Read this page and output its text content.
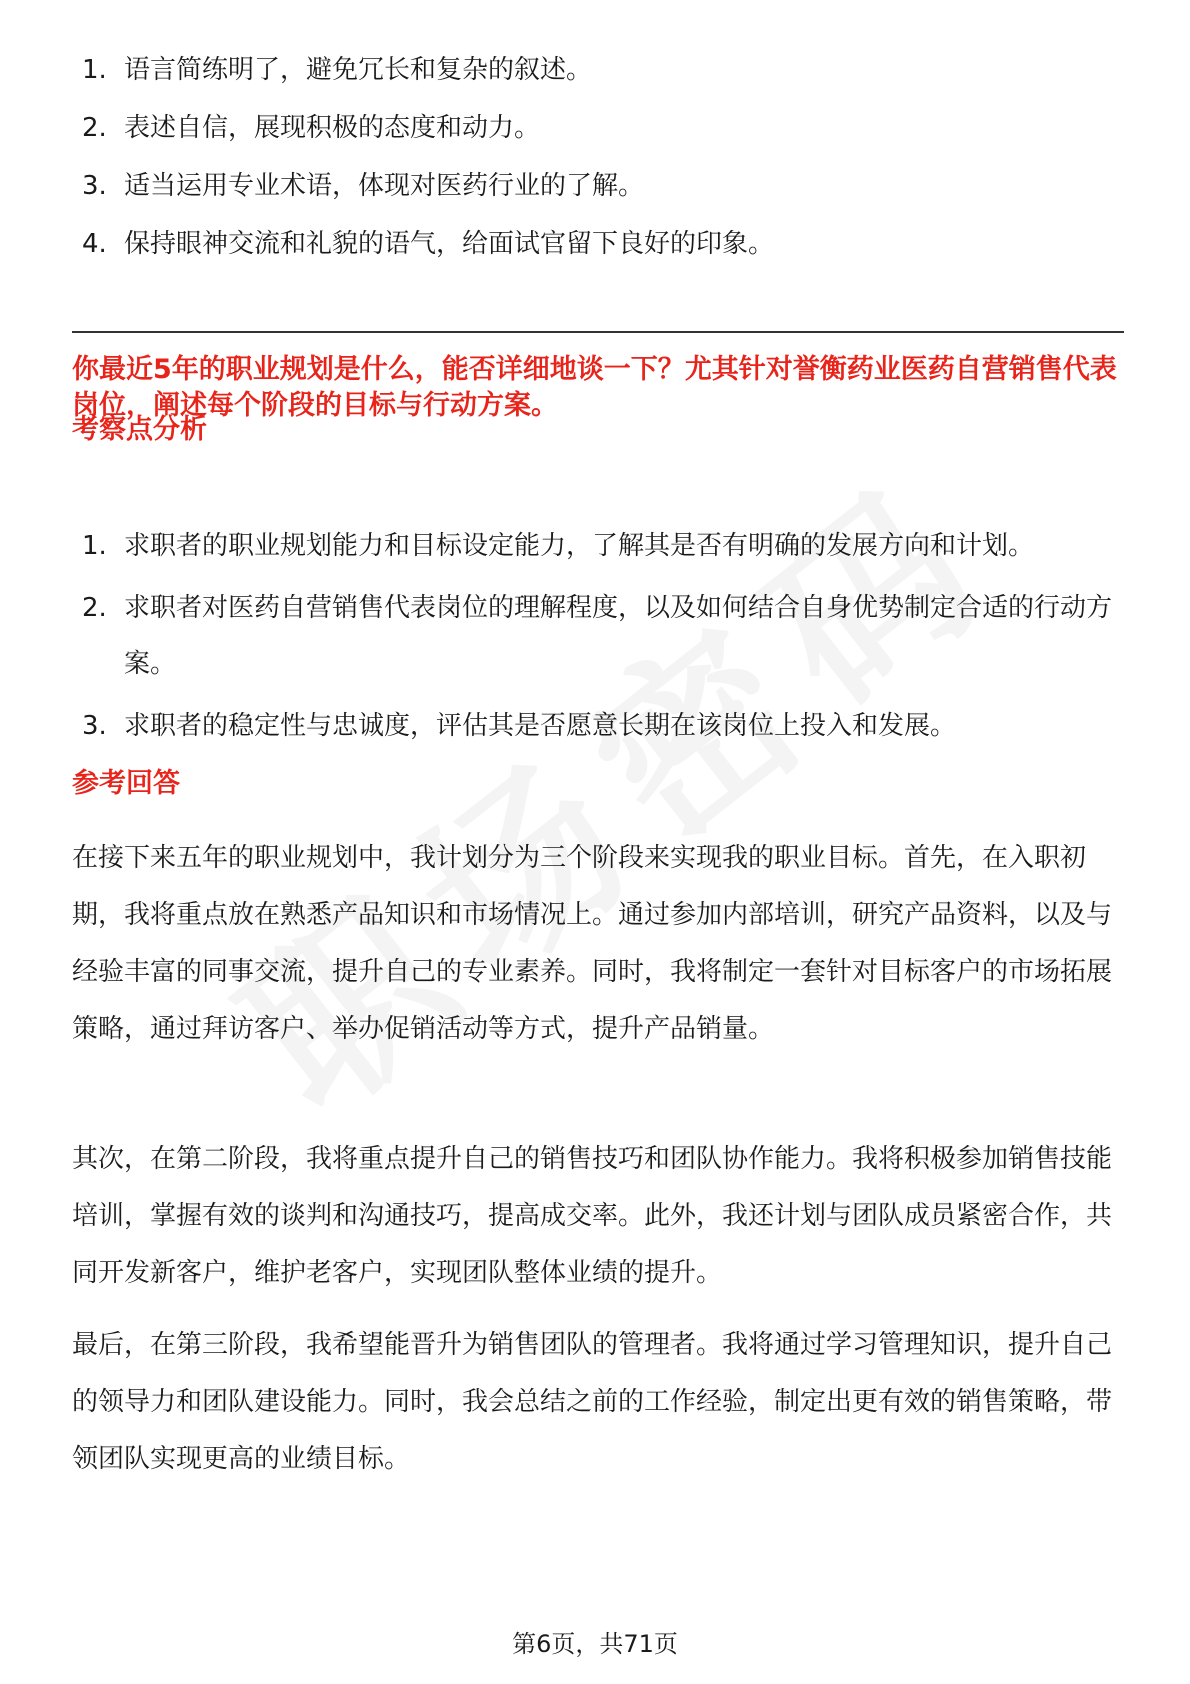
1. 语言简练明了，避免冗长和复杂的叙述。
2. 表述自信，展现积极的态度和动力。
3. 适当运用专业术语，体现对医药行业的了解。
4. 保持眼神交流和礼貌的语气，给面试官留下良好的印象。

你最近5年的职业规划是什么，能否详细地谈一下？尤其针对誉衡药业医药自营销售代表岗位，阐述每个阶段的目标与行动方案。

考察点分析
1. 求职者的职业规划能力和目标设定能力，了解其是否有明确的发展方向和计划。
2. 求职者对医药自营销售代表岗位的理解程度，以及如何结合自身优势制定合适的行动方案。
3. 求职者的稳定性与忠诚度，评估其是否愿意长期在该岗位上投入和发展。
参考回答

在接下来五年的职业规划中，我计划分为三个阶段来实现我的职业目标。首先，在入职初期，我将重点放在熟悉产品知识和市场情况上。通过参加内部培训，研究产品资料，以及与经验丰富的同事交流，提升自己的专业素养。同时，我将制定一套针对目标客户的市场拓展策略，通过拜访客户、举办促销活动等方式，提升产品销量。

其次，在第二阶段，我将重点提升自己的销售技巧和团队协作能力。我将积极参加销售技能培训，掌握有效的谈判和沟通技巧，提高成交率。此外，我还计划与团队成员紧密合作，共同开发新客户，维护老客户，实现团队整体业绩的提升。

最后，在第三阶段，我希望能晋升为销售团队的管理者。我将通过学习管理知识，提升自己的领导力和团队建设能力。同时，我会总结之前的工作经验，制定出更有效的销售策略，带领团队实现更高的业绩目标。

第6页，共71页
